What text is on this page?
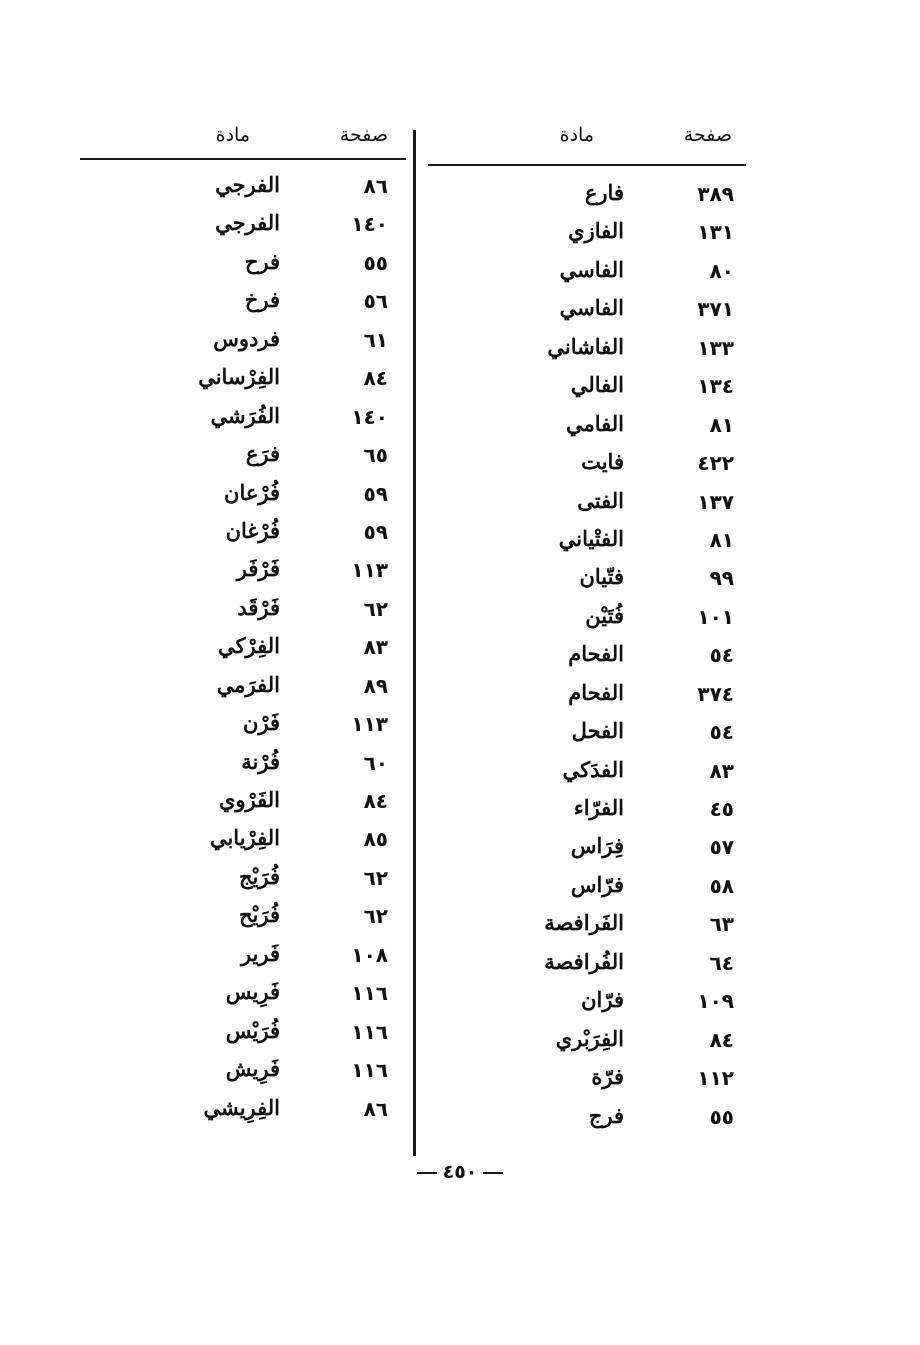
صفحة
مادة
٣٨٩
فارع
١٣١
الفازي
٨٠
الفاسي
٣٧١
الفاسي
١٣٣
الفاشاني
١٣٤
الفالي
٨١
الفامي
٤٢٢
فايت
١٣٧
الفتى
٨١
الفتْياني
٩٩
فتّيان
١٠١
فُتَيْن
٥٤
الفحام
٣٧٤
الفحام
٥٤
الفحل
٨٣
الفدَكي
٤٥
الفرّاء
٥٧
فِرَاس
٥٨
فرّاس
٦٣
الفَرافصة
٦٤
الفُرافصة
١٠٩
فرّان
٨٤
الفِرَبْري
١١٢
فرّة
٥٥
فرج
صفحة
مادة
٨٦
الفرجي
١٤٠
الفرجي
٥٥
فرح
٥٦
فرخ
٦١
فردوس
٨٤
الفِرْساني
١٤٠
الفُرَشي
٦٥
فرَع
٥٩
فُرْعان
٥٩
فُرْغان
١١٣
فَرْفَر
٦٢
فَرْقَد
٨٣
الفِرْكي
٨٩
الفرَمي
١١٣
فَرْن
٦٠
فُرْنة
٨٤
الفَرْوي
٨٥
الفِرْيابي
٦٢
فُرَيْج
٦٢
فُرَيْح
١٠٨
فَرير
١١٦
فَرِيس
١١٦
فُرَيْس
١١٦
فَرِيش
٨٦
الفِرِيشي
٤٥٠
